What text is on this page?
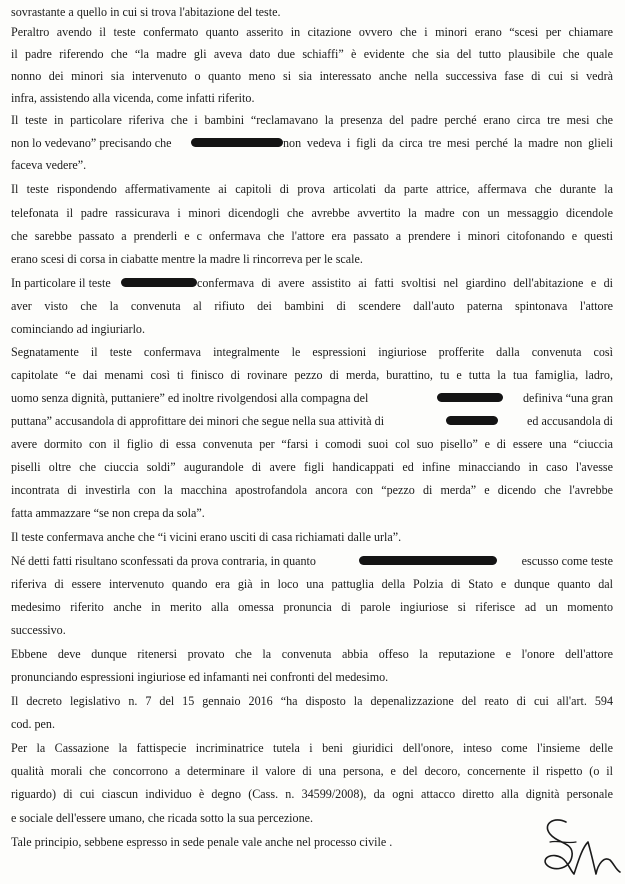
sovrastante a quello in cui si trova l'abitazione del teste.
Peraltro avendo il teste confermato quanto asserito in citazione ovvero che i minori erano “scesi per chiamare
il padre riferendo che “la madre gli aveva dato due schiaffi” è evidente che sia del tutto plausibile che quale
nonno dei minori sia intervenuto o quanto meno si sia interessato anche nella successiva fase di cui si vedrà
infra, assistendo alla vicenda, come infatti riferito.
Il teste in particolare riferiva che i bambini “reclamavano la presenza del padre perché erano circa tre mesi che
non lo vedevano” precisando che	non vedeva i figli da circa tre mesi perché la madre non glieli
faceva vedere”.
Il teste rispondendo affermativamente ai capitoli di prova articolati da parte attrice, affermava che durante la
telefonata il padre rassicurava i minori dicendogli che avrebbe avvertito la madre con un messaggio dicendole
che sarebbe passato a prenderli e c onfermava che l'attore era passato a prendere i minori citofonando e questi
erano scesi di corsa in ciabatte mentre la madre li rincorreva per le scale.
In particolare il teste	confermava di avere assistito ai fatti svoltisi nel giardino dell'abitazione e di
aver visto che la convenuta al rifiuto dei bambini di scendere dall'auto paterna spintonava l'attore
cominciando ad ingiuriarlo.
Segnatamente il teste confermava integralmente le espressioni ingiuriose profferite dalla convenuta così
capitolate “e dai menami così ti finisco di rovinare pezzo di merda, burattino, tu e tutta la tua famiglia, ladro,
uomo senza dignità, puttaniere” ed inoltre rivolgendosi alla compagna del	definiva “una gran
puttana” accusandola di approfittare dei minori che segue nella sua attività di	ed accusandola di
avere dormito con il figlio di essa convenuta per “farsi i comodi suoi col suo pisello” e di essere una “ciuccia
piselli oltre che ciuccia soldi” augurandole di avere figli handicappati ed infine minacciando in caso l'avesse
incontrata di investirla con la macchina apostrofandola ancora con “pezzo di merda” e dicendo che l'avrebbe
fatta ammazzare “se non crepa da sola”.
Il teste confermava anche che “i vicini erano usciti di casa richiamati dalle urla”.
Né detti fatti risultano sconfessati da prova contraria, in quanto	escusso come teste
riferiva di essere intervenuto quando era già in loco una pattuglia della Polzia di Stato e dunque quanto dal
medesimo riferito anche in merito alla omessa pronuncia di parole ingiuriose si riferisce ad un momento
successivo.
Ebbene deve dunque ritenersi provato che la convenuta abbia offeso la reputazione e l'onore dell'attore
pronunciando espressioni ingiuriose ed infamanti nei confronti del medesimo.
Il decreto legislativo n. 7 del 15 gennaio 2016 “ha disposto la depenalizzazione del reato di cui all'art. 594
cod. pen.
Per la Cassazione la fattispecie incriminatrice tutela i beni giuridici dell'onore, inteso come l'insieme delle
qualità morali che concorrono a determinare il valore di una persona, e del decoro, concernente il rispetto (o il
riguardo) di cui ciascun individuo è degno (Cass. n. 34599/2008), da ogni attacco diretto alla dignità personale
e sociale dell'essere umano, che ricada sotto la sua percezione.
Tale principio, sebbene espresso in sede penale vale anche nel processo civile .
